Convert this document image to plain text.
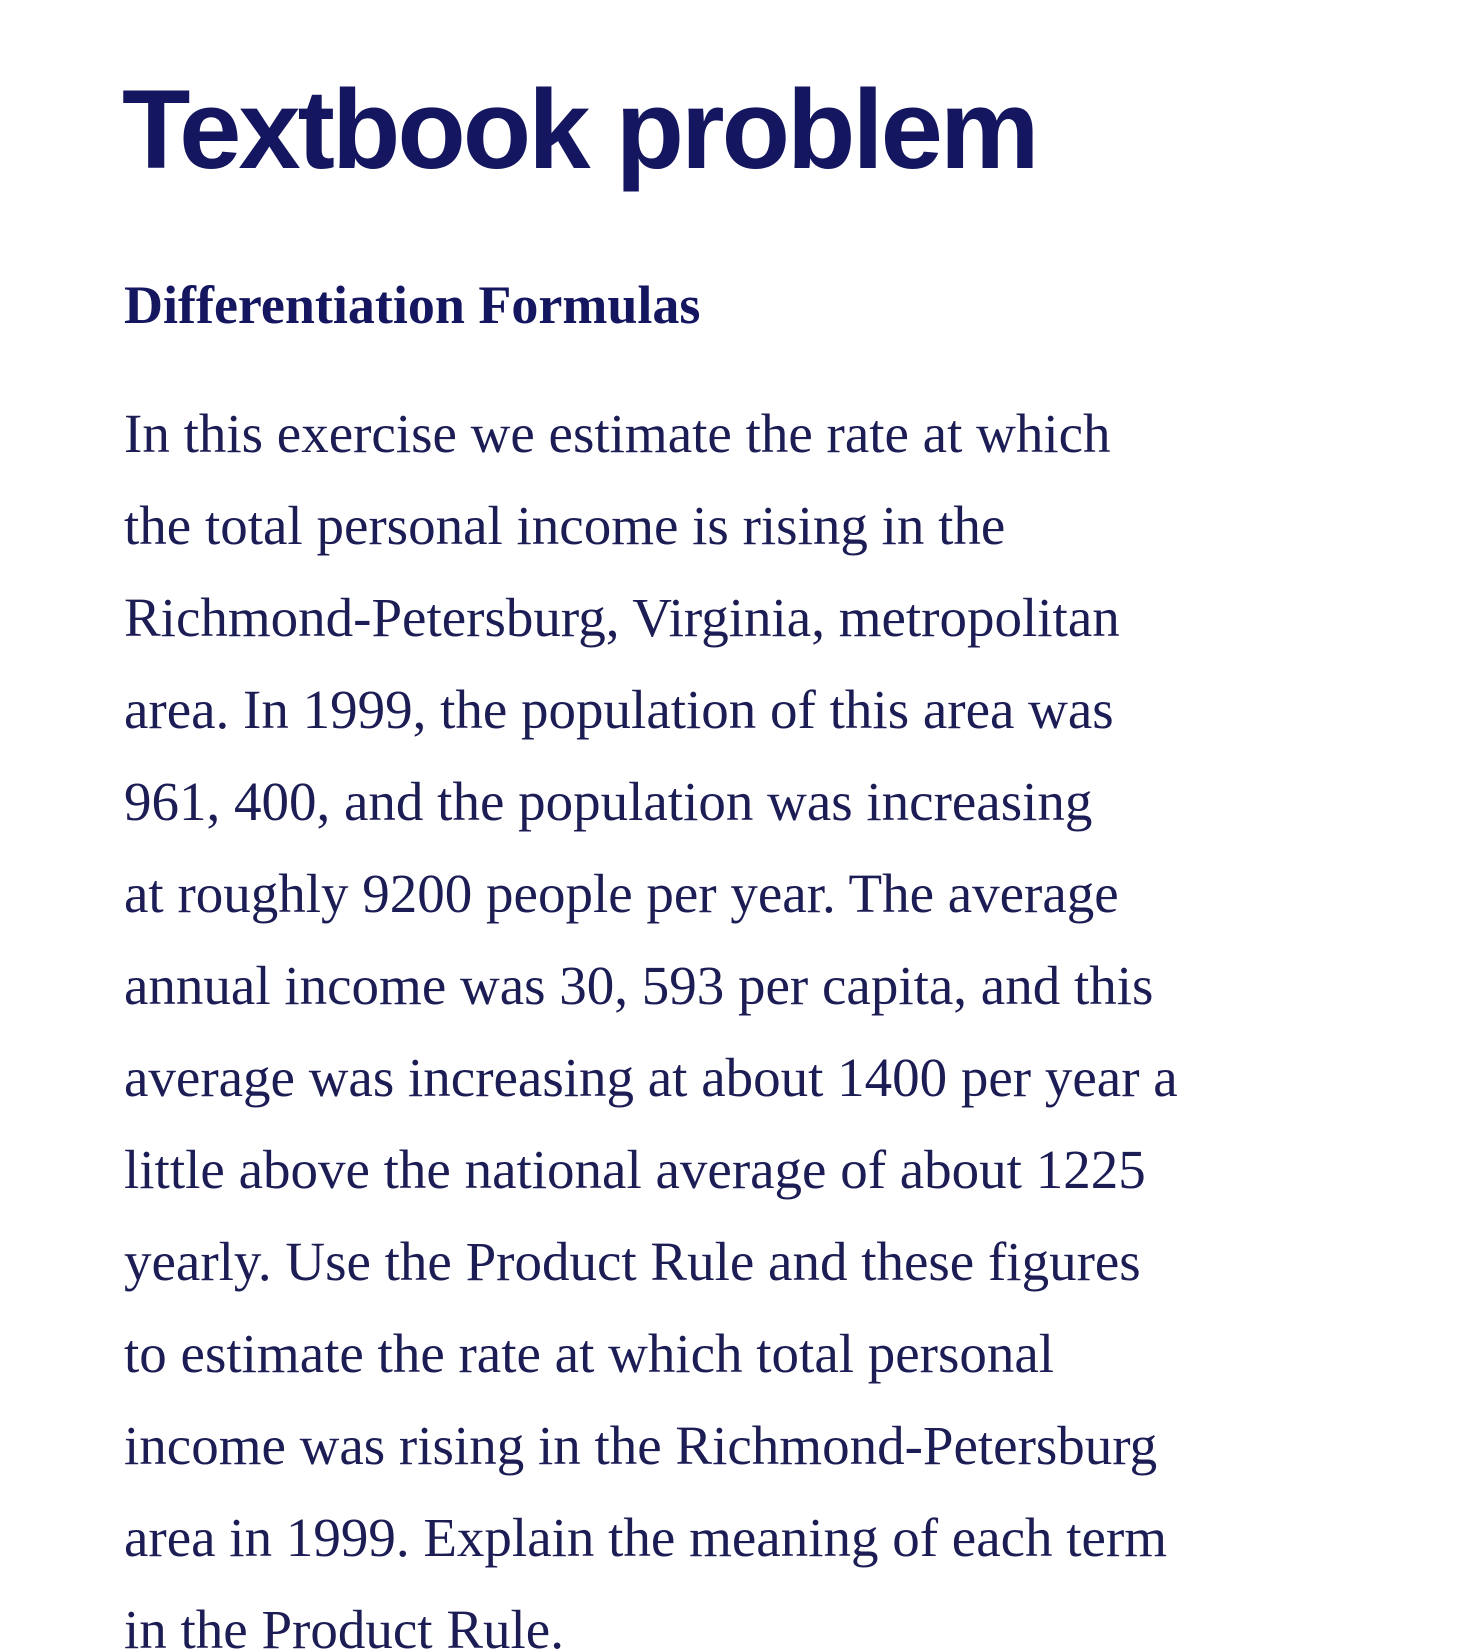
Textbook problem
Differentiation Formulas

In this exercise we estimate the rate at which
the total personal income is rising in the
Richmond-Petersburg, Virginia, metropolitan
area. In 1999, the population of this area was
961, 400, and the population was increasing
at roughly 9200 people per year. The average
annual income was 30, 593 per capita, and this
average was increasing at about 1400 per year a
little above the national average of about 1225
yearly. Use the Product Rule and these figures
to estimate the rate at which total personal
income was rising in the Richmond-Petersburg
area in 1999. Explain the meaning of each term
in the Product Rule.
